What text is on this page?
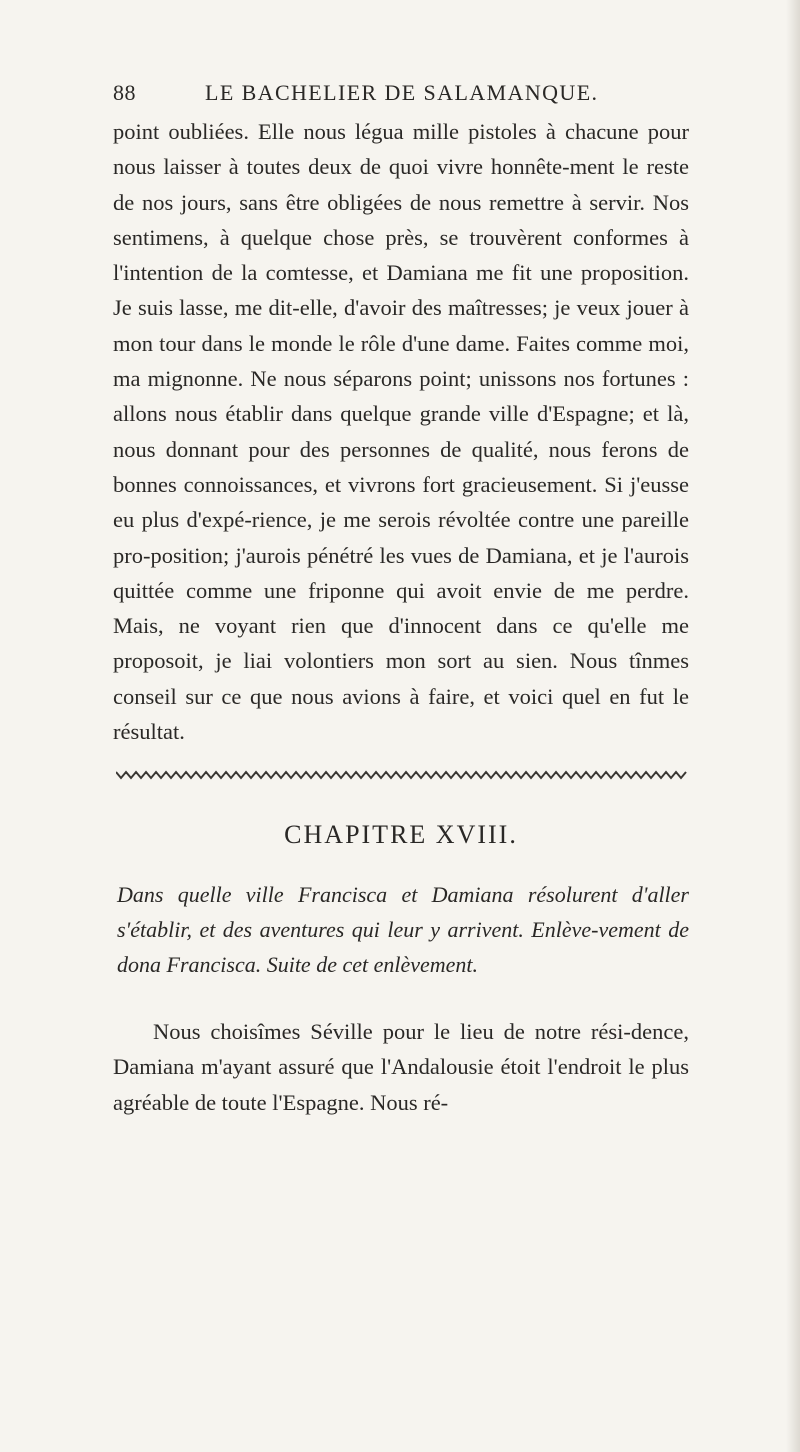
88	LE BACHELIER DE SALAMANQUE.

point oubliées. Elle nous légua mille pistoles à chacune pour nous laisser à toutes deux de quoi vivre honnête-ment le reste de nos jours, sans être obligées de nous remettre à servir. Nos sentimens, à quelque chose près, se trouvèrent conformes à l'intention de la comtesse, et Damiana me fit une proposition. Je suis lasse, me dit-elle, d'avoir des maîtresses; je veux jouer à mon tour dans le monde le rôle d'une dame. Faites comme moi, ma mignonne. Ne nous séparons point; unissons nos fortunes : allons nous établir dans quelque grande ville d'Espagne; et là, nous donnant pour des personnes de qualité, nous ferons de bonnes connoissances, et vivrons fort gracieusement. Si j'eusse eu plus d'expé-rience, je me serois révoltée contre une pareille pro-position; j'aurois pénétré les vues de Damiana, et je l'aurois quittée comme une friponne qui avoit envie de me perdre. Mais, ne voyant rien que d'innocent dans ce qu'elle me proposoit, je liai volontiers mon sort au sien. Nous tînmes conseil sur ce que nous avions à faire, et voici quel en fut le résultat.

CHAPITRE XVIII.

Dans quelle ville Francisca et Damiana résolurent d'aller s'établir, et des aventures qui leur y arrivent. Enlève-vement de dona Francisca. Suite de cet enlèvement.

Nous choisîmes Séville pour le lieu de notre rési-dence, Damiana m'ayant assuré que l'Andalousie étoit l'endroit le plus agréable de toute l'Espagne. Nous ré-
